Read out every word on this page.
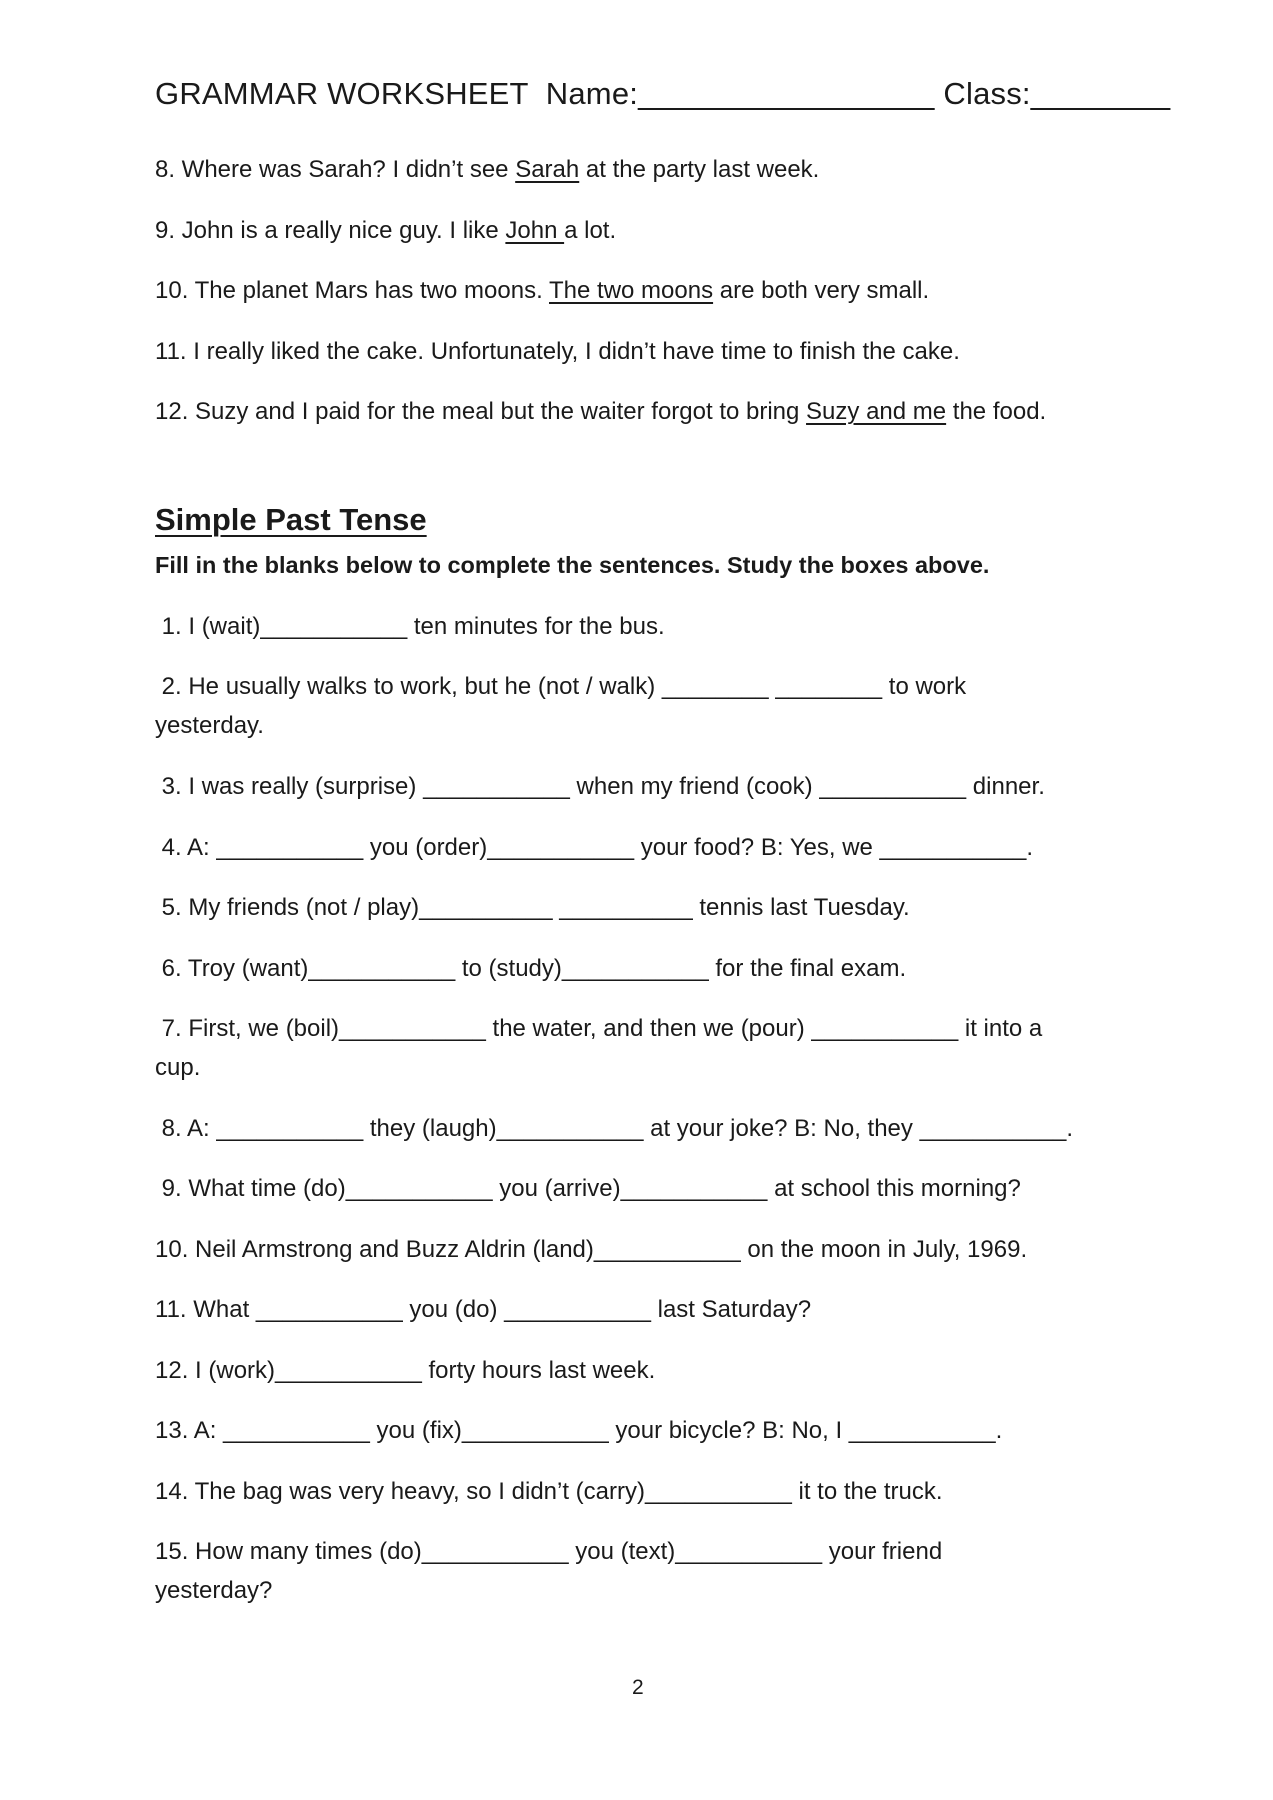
GRAMMAR WORKSHEET Name:_________________ Class:________
8. Where was Sarah? I didn’t see Sarah at the party last week.
9. John is a really nice guy. I like John a lot.
10. The planet Mars has two moons. The two moons are both very small.
11. I really liked the cake. Unfortunately, I didn’t have time to finish the cake.
12. Suzy and I paid for the meal but the waiter forgot to bring Suzy and me the food.
Simple Past Tense
Fill in the blanks below to complete the sentences. Study the boxes above.
1. I (wait)___________ ten minutes for the bus.
2. He usually walks to work, but he (not / walk) ________ ________ to work
yesterday.
3. I was really (surprise) ___________ when my friend (cook) ___________ dinner.
4. A: ___________ you (order)___________ your food? B: Yes, we ___________.
5. My friends (not / play)__________ __________ tennis last Tuesday.
6. Troy (want)___________ to (study)___________ for the final exam.
7. First, we (boil)___________ the water, and then we (pour) ___________ it into a
cup.
8. A: ___________ they (laugh)___________ at your joke? B: No, they ___________.
9. What time (do)___________ you (arrive)___________ at school this morning?
10. Neil Armstrong and Buzz Aldrin (land)___________ on the moon in July, 1969.
11. What ___________ you (do) ___________ last Saturday?
12. I (work)___________ forty hours last week.
13. A: ___________ you (fix)___________ your bicycle? B: No, I ___________.
14. The bag was very heavy, so I didn’t (carry)___________ it to the truck.
15. How many times (do)___________ you (text)___________ your friend
yesterday?
2
